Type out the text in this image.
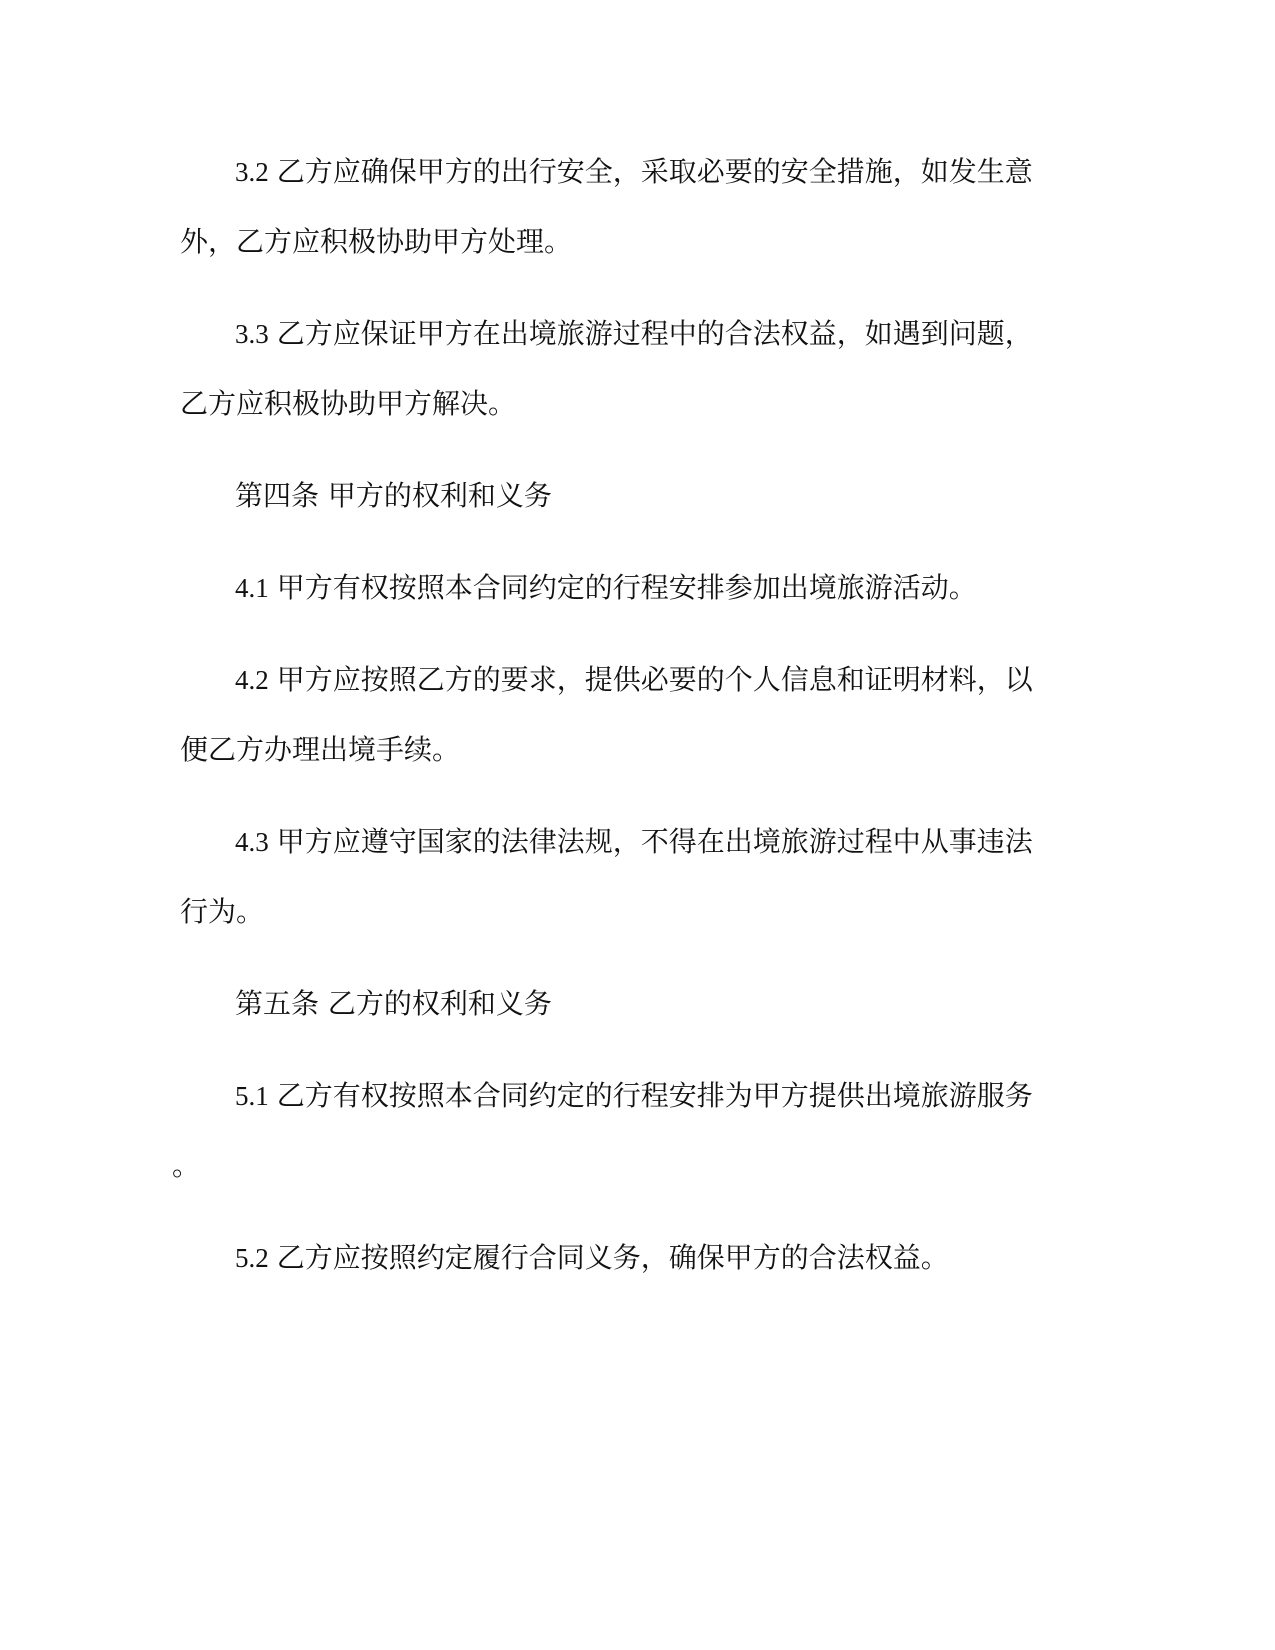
3.2 乙方应确保甲方的出行安全，采取必要的安全措施，如发生意
外，乙方应积极协助甲方处理。
3.3 乙方应保证甲方在出境旅游过程中的合法权益，如遇到问题，
乙方应积极协助甲方解决。
第四条 甲方的权利和义务
4.1 甲方有权按照本合同约定的行程安排参加出境旅游活动。
4.2 甲方应按照乙方的要求，提供必要的个人信息和证明材料，以
便乙方办理出境手续。
4.3 甲方应遵守国家的法律法规，不得在出境旅游过程中从事违法
行为。
第五条 乙方的权利和义务
5.1 乙方有权按照本合同约定的行程安排为甲方提供出境旅游服务
。
5.2 乙方应按照约定履行合同义务，确保甲方的合法权益。
